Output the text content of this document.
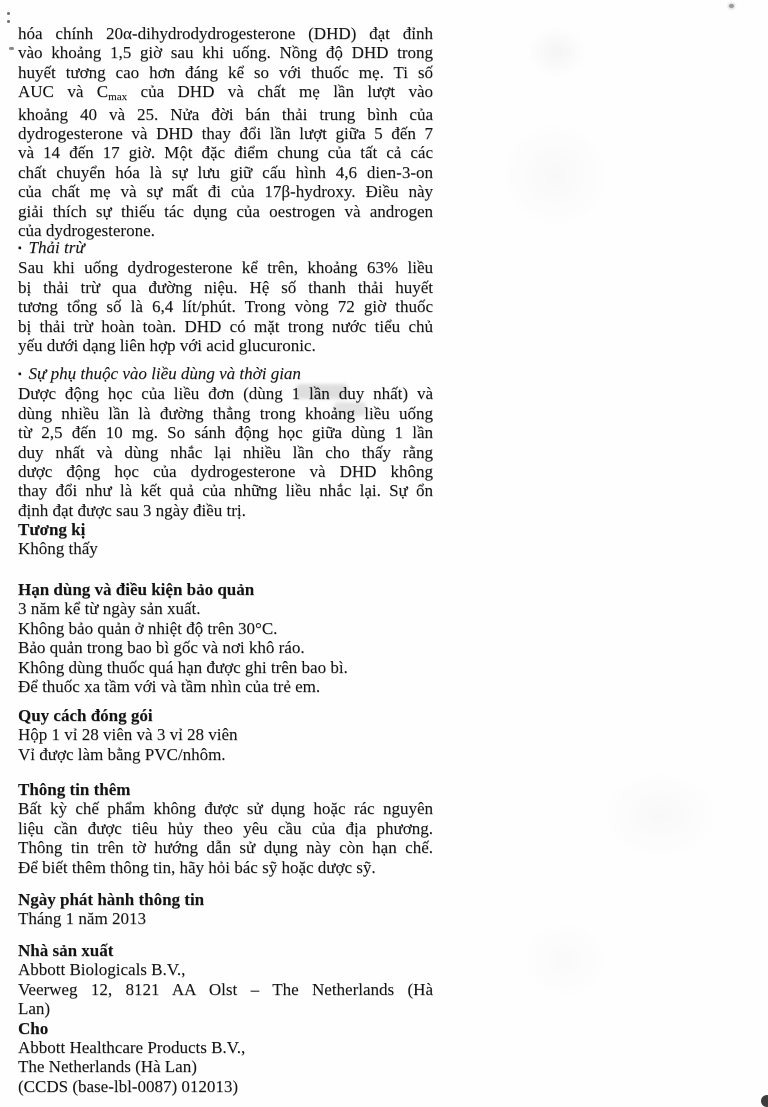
hóa chính 20α-dihydrodydrogesterone (DHD) đạt đỉnh
vào khoảng 1,5 giờ sau khi uống. Nồng độ DHD trong
huyết tương cao hơn đáng kể so với thuốc mẹ. Ti số
AUC và Cmax của DHD và chất mẹ lần lượt vào
khoảng 40 và 25. Nửa đời bán thải trung bình của
dydrogesterone và DHD thay đổi lần lượt giữa 5 đến 7
và 14 đến 17 giờ. Một đặc điểm chung của tất cả các
chất chuyển hóa là sự lưu giữ cấu hình 4,6 dien-3-on
của chất mẹ và sự mất đi của 17β-hydroxy. Điều này
giải thích sự thiếu tác dụng của oestrogen và androgen
của dydrogesterone.
▪ Thải trừ
Sau khi uống dydrogesterone kể trên, khoảng 63% liều
bị thải trừ qua đường niệu. Hệ số thanh thải huyết
tương tổng số là 6,4 lít/phút. Trong vòng 72 giờ thuốc
bị thải trừ hoàn toàn. DHD có mặt trong nước tiểu chủ
yếu dưới dạng liên hợp với acid glucuronic.
▪ Sự phụ thuộc vào liều dùng và thời gian
Dược động học của liều đơn (dùng 1 lần duy nhất) và
dùng nhiều lần là đường thẳng trong khoảng liều uống
từ 2,5 đến 10 mg. So sánh động học giữa dùng 1 lần
duy nhất và dùng nhắc lại nhiều lần cho thấy rằng
dược động học của dydrogesterone và DHD không
thay đổi như là kết quả của những liều nhắc lại. Sự ổn
định đạt được sau 3 ngày điều trị.
Tương kị
Không thấy
Hạn dùng và điều kiện bảo quản
3 năm kể từ ngày sản xuất.
Không bảo quản ở nhiệt độ trên 30°C.
Bảo quản trong bao bì gốc và nơi khô ráo.
Không dùng thuốc quá hạn được ghi trên bao bì.
Để thuốc xa tầm với và tầm nhìn của trẻ em.
Quy cách đóng gói
Hộp 1 vỉ 28 viên và 3 vỉ 28 viên
Vỉ được làm bằng PVC/nhôm.
Thông tin thêm
Bất kỳ chế phẩm không được sử dụng hoặc rác nguyên
liệu cần được tiêu hủy theo yêu cầu của địa phương.
Thông tin trên tờ hướng dẫn sử dụng này còn hạn chế.
Để biết thêm thông tin, hãy hỏi bác sỹ hoặc dược sỹ.
Ngày phát hành thông tin
Tháng 1 năm 2013
Nhà sản xuất
Abbott Biologicals B.V.,
Veerweg 12, 8121 AA Olst – The Netherlands (Hà
Lan)
Cho
Abbott Healthcare Products B.V.,
The Netherlands (Hà Lan)
(CCDS (base-lbl-0087) 012013)
